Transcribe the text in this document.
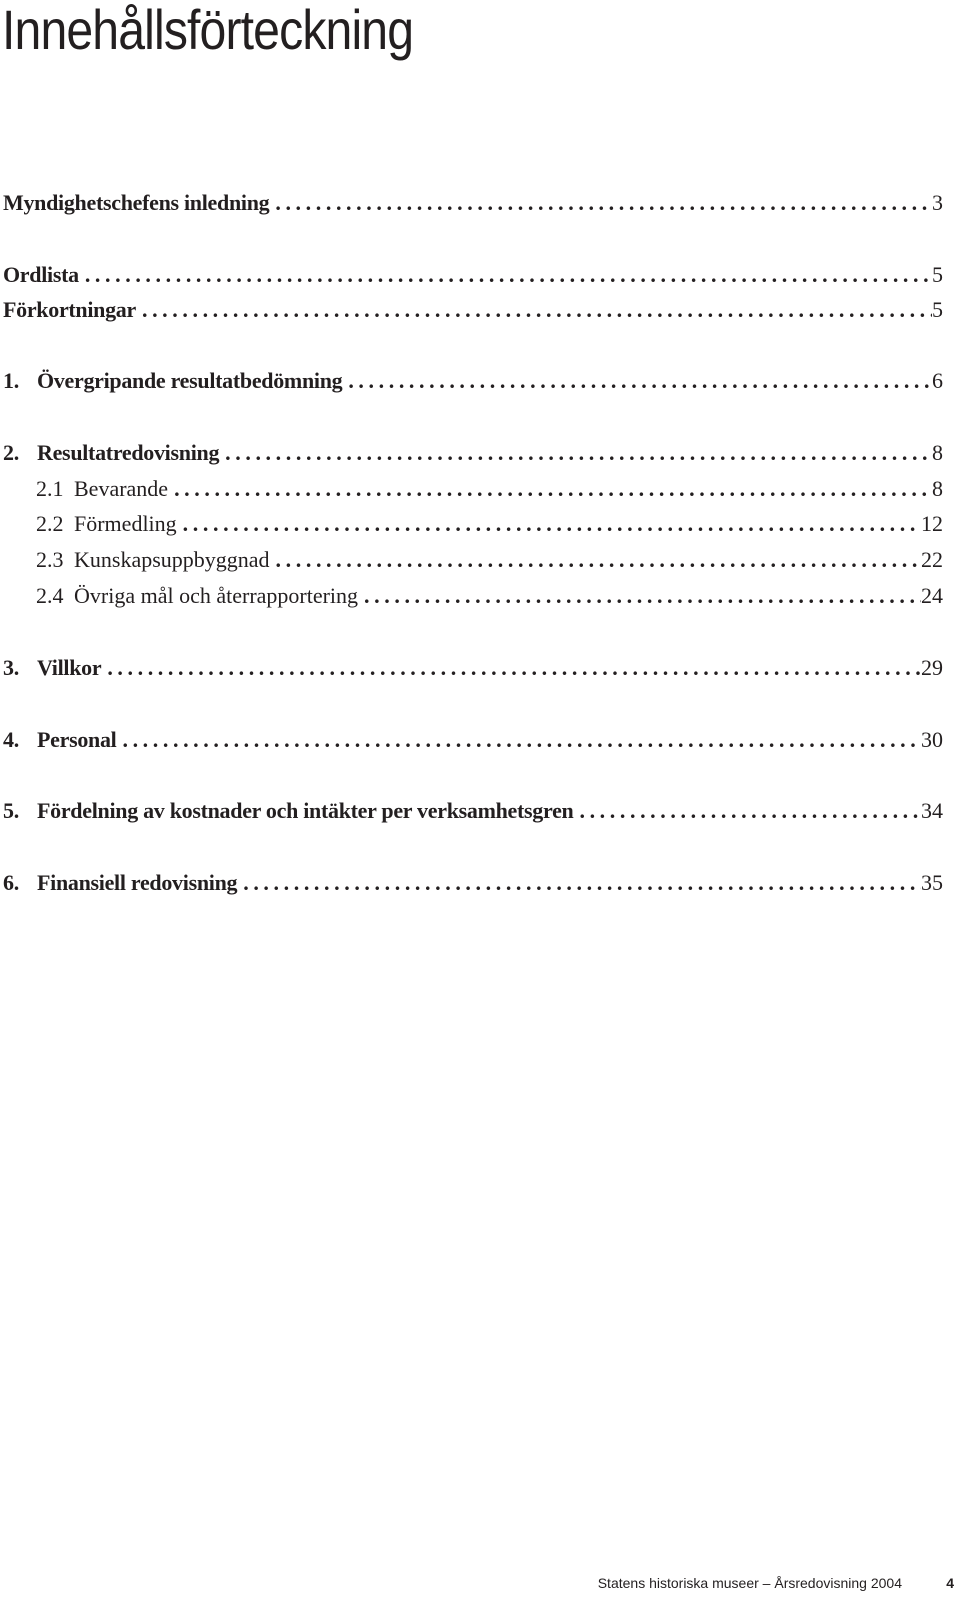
Innehållsförteckning
Myndighetschefens inledning .....	3
Ordlista .....	5
Förkortningar .....	5
1. Övergripande resultatbedömning .....	6
2. Resultatredovisning .....	8
2.1 Bevarande .....	8
2.2 Förmedling .....	12
2.3 Kunskapsuppbyggnad .....	22
2.4 Övriga mål och återrapportering .....	24
3. Villkor .....	29
4. Personal .....	30
5. Fördelning av kostnader och intäkter per verksamhetsgren .....	34
6. Finansiell redovisning .....	35
Statens historiska museer – Årsredovisning 2004	4
